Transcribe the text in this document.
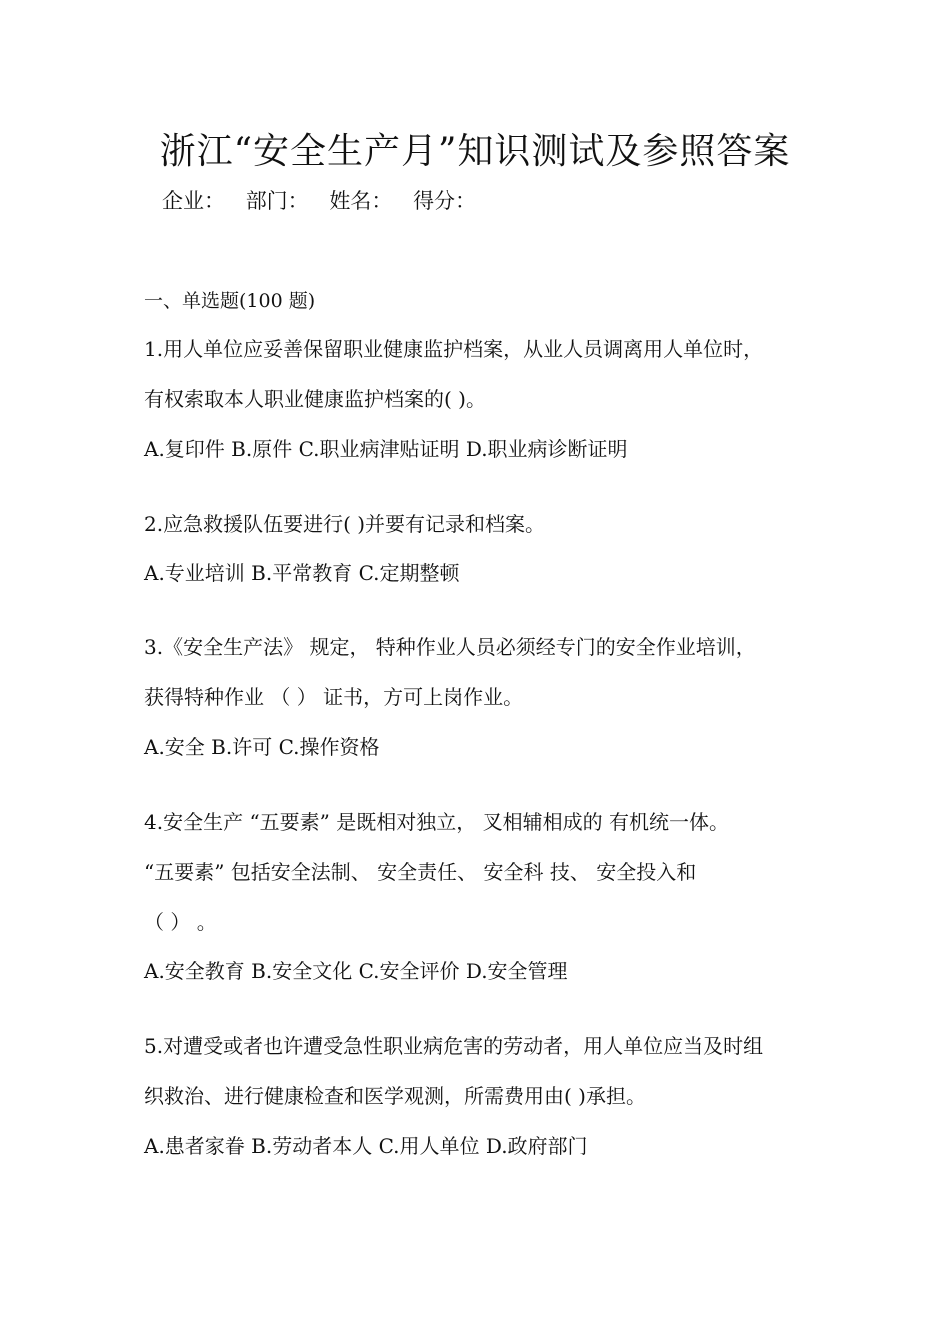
浙江“安全生产月”知识测试及参照答案
企业： 部门： 姓名： 得分：
一、单选题(100 题)
1.用人单位应妥善保留职业健康监护档案，从业人员调离用人单位时，
有权索取本人职业健康监护档案的( )。
A.复印件 B.原件 C.职业病津贴证明 D.职业病诊断证明
2.应急救援队伍要进行( )并要有记录和档案。
A.专业培训 B.平常教育 C.定期整顿
3.《安全生产法》 规定， 特种作业人员必须经专门的安全作业培训，
获得特种作业 （ ） 证书，方可上岗作业。
A.安全 B.许可 C.操作资格
4.安全生产 “五要素” 是既相对独立， 叉相辅相成的 有机统一体。
“五要素” 包括安全法制、 安全责任、 安全科 技、 安全投入和
（ ） 。
A.安全教育 B.安全文化 C.安全评价 D.安全管理
5.对遭受或者也许遭受急性职业病危害的劳动者，用人单位应当及时组
织救治、进行健康检查和医学观测，所需费用由( )承担。
A.患者家眷 B.劳动者本人 C.用人单位 D.政府部门
